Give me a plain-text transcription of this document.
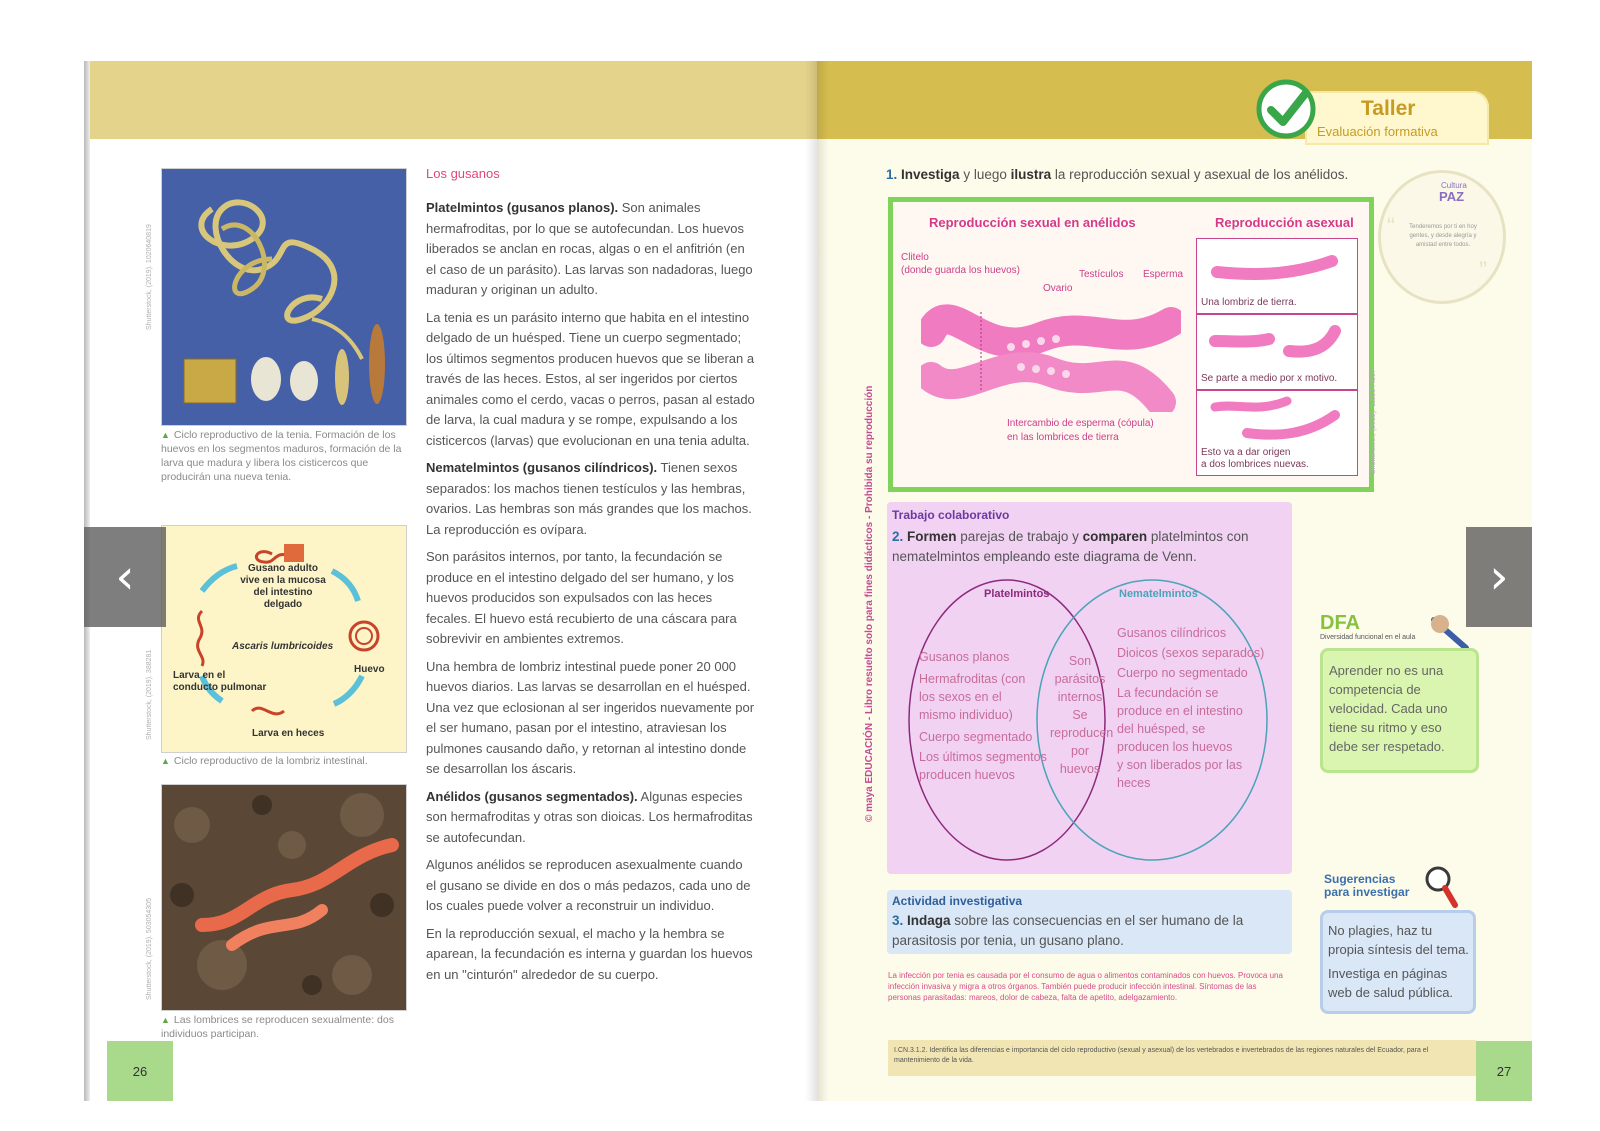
Shutterstock, (2019). 1020640819
▲ Ciclo reproductivo de la tenia. Formación de los huevos en los segmentos maduros, formación de la larva que madura y libera los cisticercos que producirán una nueva tenia.
Gusano adulto vive en la mucosa del intestino delgado
Ascaris lumbricoides
Huevo
Larva en el conducto pulmonar
Larva en heces
Shutterstock, (2019). 388281
▲ Ciclo reproductivo de la lombriz intestinal.
Shutterstock, (2019). 503054305
▲ Las lombrices se reproducen sexualmente: dos individuos participan.
Los gusanos

Platelmintos (gusanos planos). Son animales hermafroditas, por lo que se autofecundan. Los huevos liberados se anclan en rocas, algas o en el anfitrión (en el caso de un parásito). Las larvas son nadadoras, luego maduran y originan un adulto.

La tenia es un parásito interno que habita en el intestino delgado de un huésped. Tiene un cuerpo segmentado; los últimos segmentos producen huevos que se liberan a través de las heces. Estos, al ser ingeridos por ciertos animales como el cerdo, vacas o perros, pasan al estado de larva, la cual madura y se rompe, expulsando a los cisticercos (larvas) que evolucionan en una tenia adulta.

Nematelmintos (gusanos cilíndricos). Tienen sexos separados: los machos tienen testículos y las hembras, ovarios. Las hembras son más grandes que los machos. La reproducción es ovípara.

Son parásitos internos, por tanto, la fecundación se produce en el intestino delgado del ser humano, y los huevos producidos son expulsados con las heces fecales. El huevo está recubierto de una cáscara para sobrevivir en ambientes extremos.

Una hembra de lombriz intestinal puede poner 20 000 huevos diarios. Las larvas se desarrollan en el huésped. Una vez que eclosionan al ser ingeridos nuevamente por el ser humano, pasan por el intestino, atraviesan los pulmones causando daño, y retornan al intestino donde se desarrollan los áscaris.

Anélidos (gusanos segmentados). Algunas especies son hermafroditas y otras son dioicas. Los hermafroditas se autofecundan.

Algunos anélidos se reproducen asexualmente cuando el gusano se divide en dos o más pedazos, cada uno de los cuales puede volver a reconstruir un individuo.

En la reproducción sexual, el macho y la hembra se aparean, la fecundación es interna y guardan los huevos en un "cinturón" alrededor de su cuerpo.

26
Taller
Evaluación formativa
1. Investiga y luego ilustra la reproducción sexual y asexual de los anélidos.
Cultura
PAZ
Tenderemos por ti en hoy gentes, y desde alegría y amistad entre todos.
“
”
Reproducción sexual en anélidos	Reproducción asexual
Clitelo
(donde guarda los huevos)	Testículos Esperma
Ovario
Intercambio de esperma (cópula)
en las lombrices de tierra
Una lombriz de tierra.
Se parte a medio por x motivo.
Esto va a dar origen
a dos lombrices nuevas.	Shutterstock, (2019). 1112344567
© maya EDUCACIÓN - Libro resuelto solo para fines didácticos - Prohibida su reproducción Trabajo colaborativo
2. Formen parejas de trabajo y comparen platelmintos con nematelmintos empleando este diagrama de Venn.
Platelmintos	Nematelmintos
Gusanos planos
Hermafroditas (con
los sexos en el
mismo individuo)
Cuerpo segmentado
Los últimos segmentos
producen huevos
Son
parásitos
internos
Se
reproducen
por huevos
Gusanos cilíndricos
Dioicos (sexos separados)
Cuerpo no segmentado
La fecundación se
produce en el intestino
del huésped, se
producen los huevos
y son liberados por las
heces
Actividad investigativa
3. Indaga sobre las consecuencias en el ser humano de la parasitosis por tenia, un gusano plano.
La infección por tenia es causada por el consumo de agua o alimentos contaminados con huevos. Provoca una infección invasiva y migra a otros órganos. También puede producir infección intestinal. Síntomas de las personas parasitadas: mareos, dolor de cabeza, falta de apetito, adelgazamiento.
DFA
Diversidad funcional en el aula
Aprender no es una competencia de velocidad. Cada uno tiene su ritmo y eso debe ser respetado.
Sugerencias
para investigar
No plagies, haz tu propia síntesis del tema.
Investiga en páginas web de salud pública.
I.CN.3.1.2. Identifica las diferencias e importancia del ciclo reproductivo (sexual y asexual) de los vertebrados e invertebrados de las regiones naturales del Ecuador, para el mantenimiento de la vida.
27
‹	›
